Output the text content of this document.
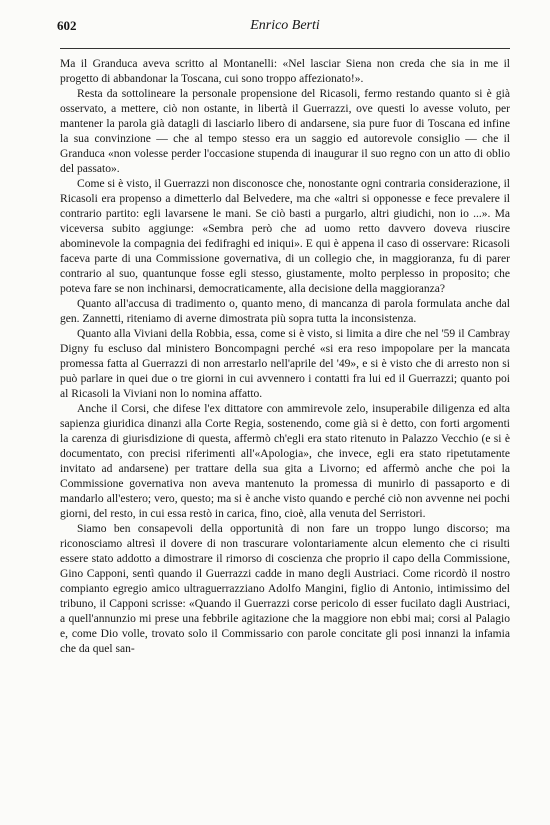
602	Enrico Berti

Ma il Granduca aveva scritto al Montanelli: «Nel lasciar Siena non creda che sia in me il progetto di abbandonar la Toscana, cui sono troppo affezionato!».

Resta da sottolineare la personale propensione del Ricasoli, fermo restando quanto si è già osservato, a mettere, ciò non ostante, in libertà il Guerrazzi, ove questi lo avesse voluto, per mantener la parola già datagli di lasciarlo libero di andarsene, sia pure fuor di Toscana ed infine la sua convinzione — che al tempo stesso era un saggio ed autorevole consiglio — che il Granduca «non volesse perder l'occasione stupenda di inaugurar il suo regno con un atto di oblio del passato».

Come si è visto, il Guerrazzi non disconosce che, nonostante ogni contraria considerazione, il Ricasoli era propenso a dimetterlo dal Belvedere, ma che «altri si opponesse e fece prevalere il contrario partito: egli lavarsene le mani. Se ciò basti a purgarlo, altri giudichi, non io ...». Ma viceversa subito aggiunge: «Sembra però che ad uomo retto davvero doveva riuscire abominevole la compagnia dei fedifraghi ed iniqui». E qui è appena il caso di osservare: Ricasoli faceva parte di una Commissione governativa, di un collegio che, in maggioranza, fu di parer contrario al suo, quantunque fosse egli stesso, giustamente, molto perplesso in proposito; che poteva fare se non inchinarsi, democraticamente, alla decisione della maggioranza?

Quanto all'accusa di tradimento o, quanto meno, di mancanza di parola formulata anche dal gen. Zannetti, riteniamo di averne dimostrata più sopra tutta la inconsistenza.

Quanto alla Viviani della Robbia, essa, come si è visto, si limita a dire che nel '59 il Cambray Digny fu escluso dal ministero Boncompagni perché «si era reso impopolare per la mancata promessa fatta al Guerrazzi di non arrestarlo nell'aprile del '49», e si è visto che di arresto non si può parlare in quei due o tre giorni in cui avvennero i contatti fra lui ed il Guerrazzi; quanto poi al Ricasoli la Viviani non lo nomina affatto.

Anche il Corsi, che difese l'ex dittatore con ammirevole zelo, insuperabile diligenza ed alta sapienza giuridica dinanzi alla Corte Regia, sostenendo, come già si è detto, con forti argomenti la carenza di giurisdizione di questa, affermò ch'egli era stato ritenuto in Palazzo Vecchio (e si è documentato, con precisi riferimenti all'«Apologia», che invece, egli era stato ripetutamente invitato ad andarsene) per trattare della sua gita a Livorno; ed affermò anche che poi la Commissione governativa non aveva mantenuto la promessa di munirlo di passaporto e di mandarlo all'estero; vero, questo; ma si è anche visto quando e perché ciò non avvenne nei pochi giorni, del resto, in cui essa restò in carica, fino, cioè, alla venuta del Serristori.

Siamo ben consapevoli della opportunità di non fare un troppo lungo discorso; ma riconosciamo altresì il dovere di non trascurare volontariamente alcun elemento che ci risulti essere stato addotto a dimostrare il rimorso di coscienza che proprio il capo della Commissione, Gino Capponi, sentì quando il Guerrazzi cadde in mano degli Austriaci. Come ricordò il nostro compianto egregio amico ultraguerrazziano Adolfo Mangini, figlio di Antonio, intimissimo del tribuno, il Capponi scrisse: «Quando il Guerrazzi corse pericolo di esser fucilato dagli Austriaci, a quell'annunzio mi prese una febbrile agitazione che la maggiore non ebbi mai; corsi al Palagio e, come Dio volle, trovato solo il Commissario con parole concitate gli posi innanzi la infamia che da quel san-
